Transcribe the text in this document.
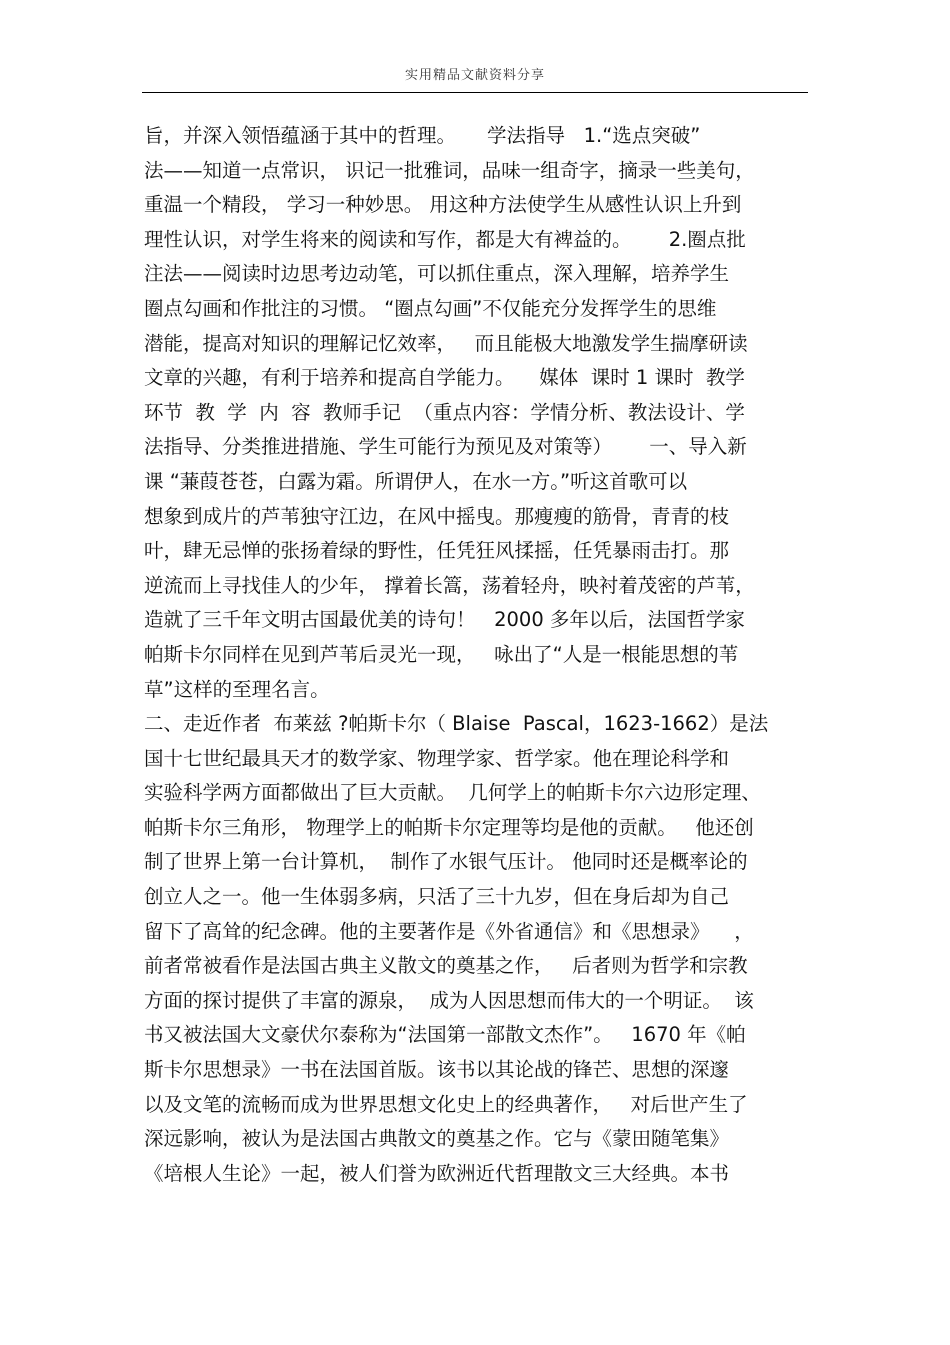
实用精品文献资料分享
旨，并深入领悟蕴涵于其中的哲理。     学法指导   1.“选点突破”
法——知道一点常识， 识记一批雅词，品味一组奇字，摘录一些美句，
重温一个精段， 学习一种妙思。 用这种方法使学生从感性认识上升到
理性认识，对学生将来的阅读和写作，都是大有裨益的。      2.圈点批
注法——阅读时边思考边动笔，可以抓住重点，深入理解，培养学生
圈点勾画和作批注的习惯。 “圈点勾画”不仅能充分发挥学生的思维
潜能，提高对知识的理解记忆效率，   而且能极大地激发学生揣摩研读
文章的兴趣，有利于培养和提高自学能力。    媒体  课时 1 课时  教学
环节  教  学  内  容  教师手记  （重点内容：学情分析、教法设计、学
法指导、分类推进措施、学生可能行为预见及对策等）      一、导入新
课 “蒹葭苍苍，白露为霜。所谓伊人，在水一方。”听这首歌可以
想象到成片的芦苇独守江边，在风中摇曳。那瘦瘦的筋骨，青青的枝
叶，肆无忌惮的张扬着绿的野性，任凭狂风揉摇，任凭暴雨击打。那
逆流而上寻找佳人的少年， 撑着长篙，荡着轻舟，映衬着茂密的芦苇，
造就了三千年文明古国最优美的诗句！   2000 多年以后，法国哲学家
帕斯卡尔同样在见到芦苇后灵光一现，   咏出了“人是一根能思想的苇
草”这样的至理名言。
二、走近作者  布莱兹 ?帕斯卡尔（ Blaise  Pascal，1623-1662）是法
国十七世纪最具天才的数学家、物理学家、哲学家。他在理论科学和
实验科学两方面都做出了巨大贡献。  几何学上的帕斯卡尔六边形定理、
帕斯卡尔三角形， 物理学上的帕斯卡尔定理等均是他的贡献。   他还创
制了世界上第一台计算机，  制作了水银气压计。 他同时还是概率论的
创立人之一。他一生体弱多病，只活了三十九岁，但在身后却为自己
留下了高耸的纪念碑。他的主要著作是《外省通信》和《思想录》    ，
前者常被看作是法国古典主义散文的奠基之作，   后者则为哲学和宗教
方面的探讨提供了丰富的源泉，  成为人因思想而伟大的一个明证。  该
书又被法国大文豪伏尔泰称为“法国第一部散文杰作”。   1670 年《帕
斯卡尔思想录》一书在法国首版。该书以其论战的锋芒、思想的深邃
以及文笔的流畅而成为世界思想文化史上的经典著作，   对后世产生了
深远影响，被认为是法国古典散文的奠基之作。它与《蒙田随笔集》
《培根人生论》一起，被人们誉为欧洲近代哲理散文三大经典。本书
